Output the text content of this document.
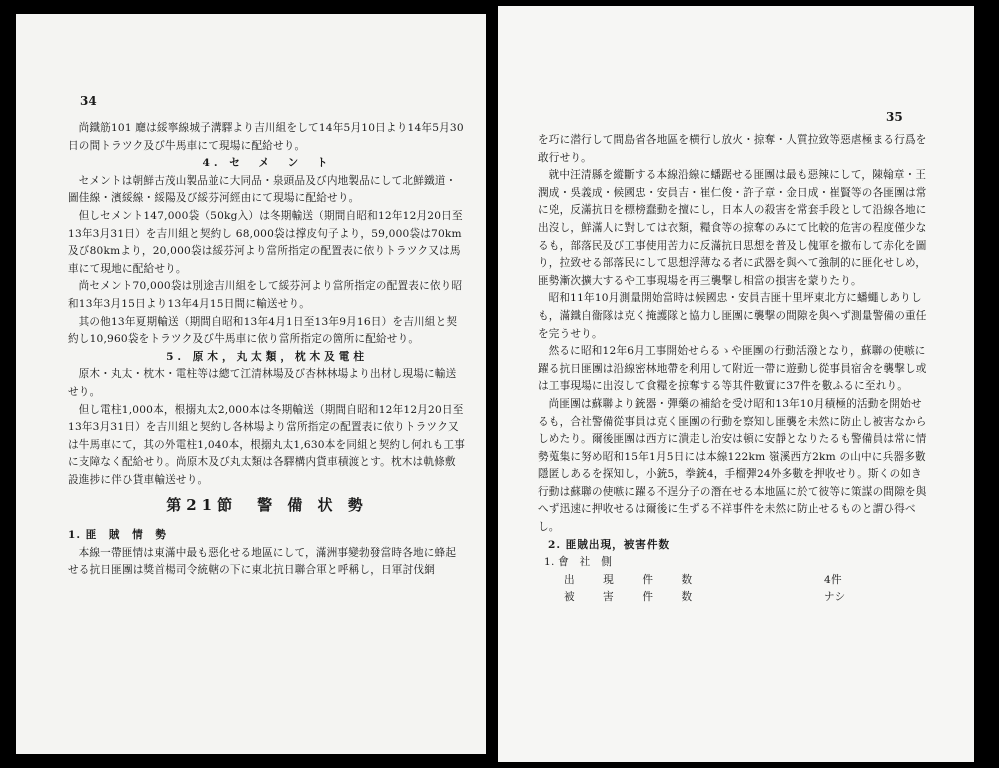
34

尚鐵筋101 廰は綏寧線城子溝驛より吉川組をして14年5月10日より14年5月30日の間トラツク及び牛馬車にて現場に配給せり。

4. セ　メ　ン　ト

セメントは朝鮮古茂山製品並に大同品・泉頭品及び内地製品にして北鮮鐵道・圖佳線・濱綏線・綏陽及び綏芬河經由にて現場に配給せり。

但しセメント147,000袋（50kg入）は冬期輸送（期間自昭和12年12月20日至13年3月31日）を吉川組と契約し 68,000袋は撑皮句子より，59,000袋は70km及び80kmより，20,000袋は綏芬河より當所指定の配置表に依りトラツク又は馬車にて現地に配給せり。

尚セメント70,000袋は別途吉川組をして綏芬河より當所指定の配置表に依り昭和13年3月15日より13年4月15日間に輸送せり。

其の他13年夏期輸送（期間自昭和13年4月1日至13年9月16日）を吉川組と契約し10,960袋をトラツク及び牛馬車に依り當所指定の箇所に配給せり。

5. 原木，丸太類，枕木及電柱

原木・丸太・枕木・電柱等は總て江清林場及び杏林林場より出材し現場に輸送せり。

但し電柱1,000本，根搦丸太2,000本は冬期輸送（期間自昭和12年12月20日至13年3月31日）を吉川組と契約し各林場より當所指定の配置表に依りトラツク又は牛馬車にて，其の外電柱1,040本，根搦丸太1,630本を同組と契約し何れも工事に支障なく配給せり。尚原木及び丸太類は各驛構内貨車積渡とす。枕木は軌條敷設進捗に伴ひ貨車輸送せり。

第21節　警 備 状 勢

1. 匪　賊　情　勢

本線一帶匪情は東滿中最も惡化せる地區にして，滿洲事變勃發當時各地に蜂起せる抗日匪團は獎首楊司令統轄の下に東北抗日聯合軍と呼稱し，日軍討伐網

35

を巧に潜行して間島省各地區を横行し放火・掠奪・人質拉致等惡虐極まる行爲を敢行せり。

就中汪清縣を縱斷する本線沿線に蟠踞せる匪團は最も惡辣にして，陳翰章・王潤成・吳義成・候國忠・安員吉・崔仁俊・許子章・金日成・崔賢等の各匪團は常に兇，反滿抗日を標榜蠢動を擅にし，日本人の殺害を常套手段として沿線各地に出沒し，鮮滿人に對しては衣類，糧食等の掠奪のみにて比較的危害の程度僅少なるも，部落民及び工事使用苦力に反滿抗日思想を普及し傀軍を撤布して赤化を圖り，拉致せる部落民にして思想浮薄なる者に武器を與へて強制的に匪化せしめ，匪勢漸次擴大するや工事現場を再三襲撃し相當の損害を蒙りたり。

昭和11年10月測量開始當時は候國忠・安員吉匪十里坪東北方に蟠蠅しありしも，滿鐵自衞隊は克く掩護隊と協力し匪團に襲撃の間隙を與へず測量警備の重任を完うせり。

然るに昭和12年6月工事開始せらるゝや匪團の行動活潑となり，蘇聯の使嗾に躍る抗日匪團は沿線密林地帶を利用して附近一帶に遊動し從事員宿舍を襲撃し或は工事現場に出沒して食糧を掠奪する等其件數實に37件を數ふるに至れり。

尚匪團は蘇聯より銃器・彈藥の補給を受け昭和13年10月積極的活動を開始せるも，合社警備從事員は克く匪團の行動を察知し匪襲を未然に防止し被害なからしめたり。爾後匪團は西方に潰走し治安は頓に安靜となりたるも警備員は常に情勢蒐集に努め昭和15年1月5日には本線122km 嶺溪西方2km の山中に兵器多數隱匿しあるを探知し，小銃5，拳銃4，手榴彈24外多數を押收せり。斯くの如き行動は蘇聯の使嗾に躍る不逞分子の潛在せる本地區に於て彼等に策謀の間隙を與へず迅速に押收せるは爾後に生ずる不祥事件を未然に防止せるものと謂ひ得べし。

2. 匪賊出現，被害件数

1. 會　社　側

出　現　件　数	4件
被　害　件　数	ナシ
